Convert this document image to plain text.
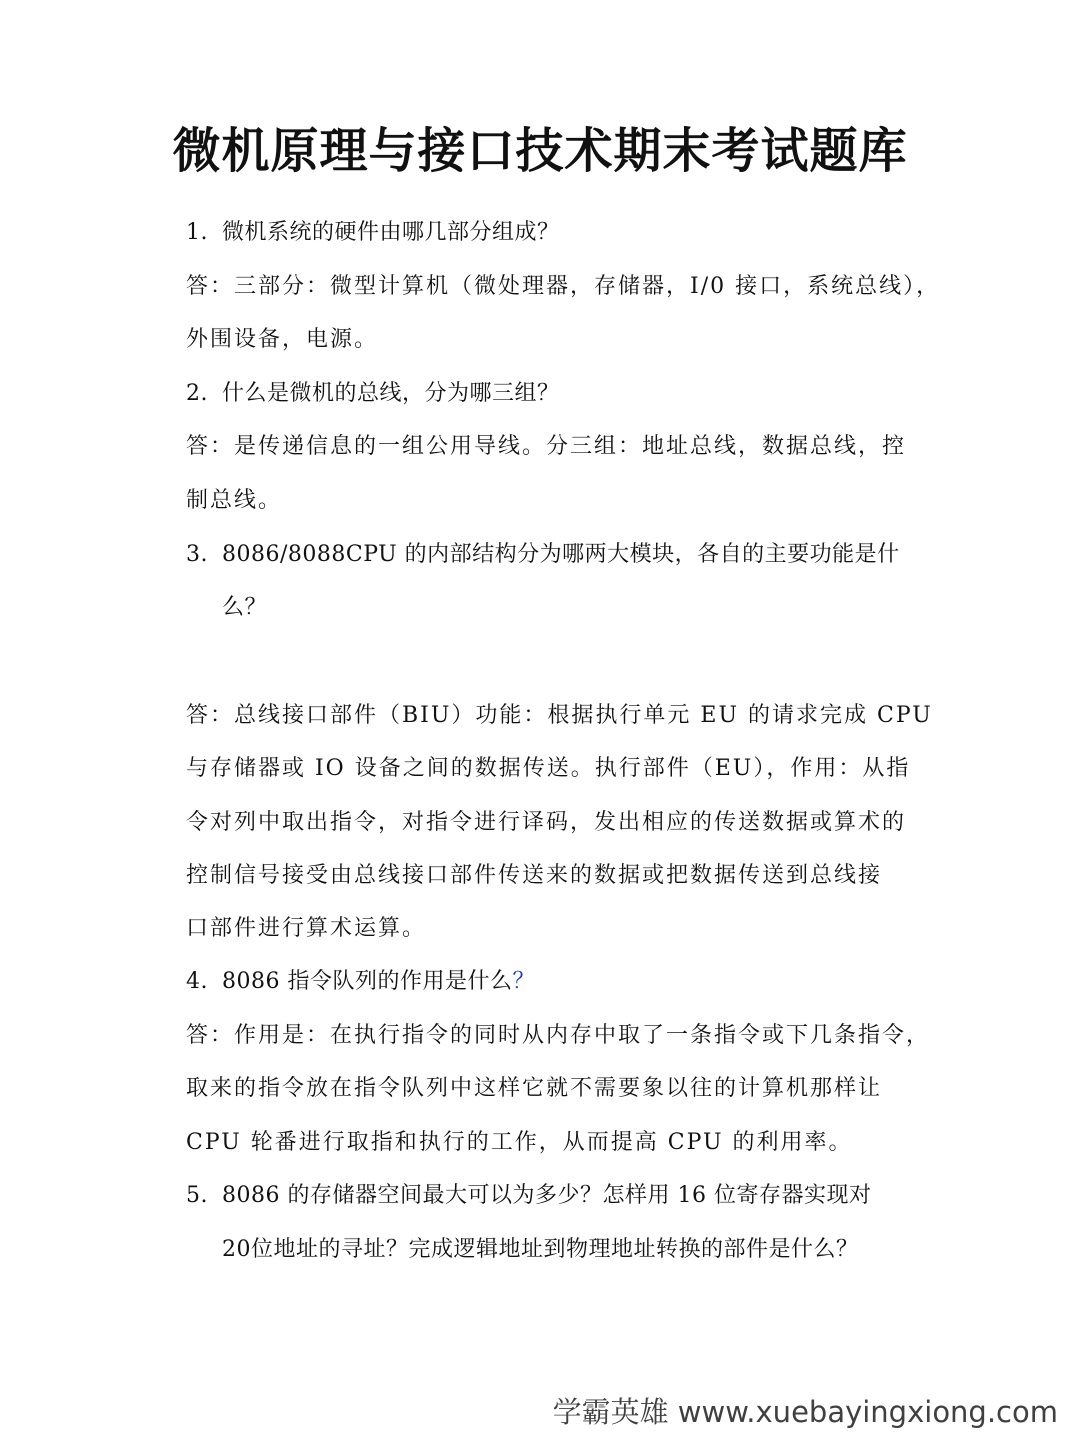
微机原理与接口技术期末考试题库
1. 微机系统的硬件由哪几部分组成？
答：三部分：微型计算机（微处理器，存储器，I/0 接口，系统总线），
外围设备，电源。
2. 什么是微机的总线，分为哪三组？
答：是传递信息的一组公用导线。分三组：地址总线，数据总线，控
制总线。
3. 8086/8088CPU 的内部结构分为哪两大模块，各自的主要功能是什
么？
答：总线接口部件（BIU）功能：根据执行单元 EU 的请求完成 CPU
与存储器或 IO 设备之间的数据传送。执行部件（EU），作用：从指
令对列中取出指令，对指令进行译码，发出相应的传送数据或算术的
控制信号接受由总线接口部件传送来的数据或把数据传送到总线接
口部件进行算术运算。
4. 8086 指令队列的作用是什么？
答：作用是：在执行指令的同时从内存中取了一条指令或下几条指令，
取来的指令放在指令队列中这样它就不需要象以往的计算机那样让
CPU 轮番进行取指和执行的工作，从而提高 CPU 的利用率。
5. 8086 的存储器空间最大可以为多少？怎样用 16 位寄存器实现对
20位地址的寻址？完成逻辑地址到物理地址转换的部件是什么？
学霸英雄 www.xuebayingxiong.com
